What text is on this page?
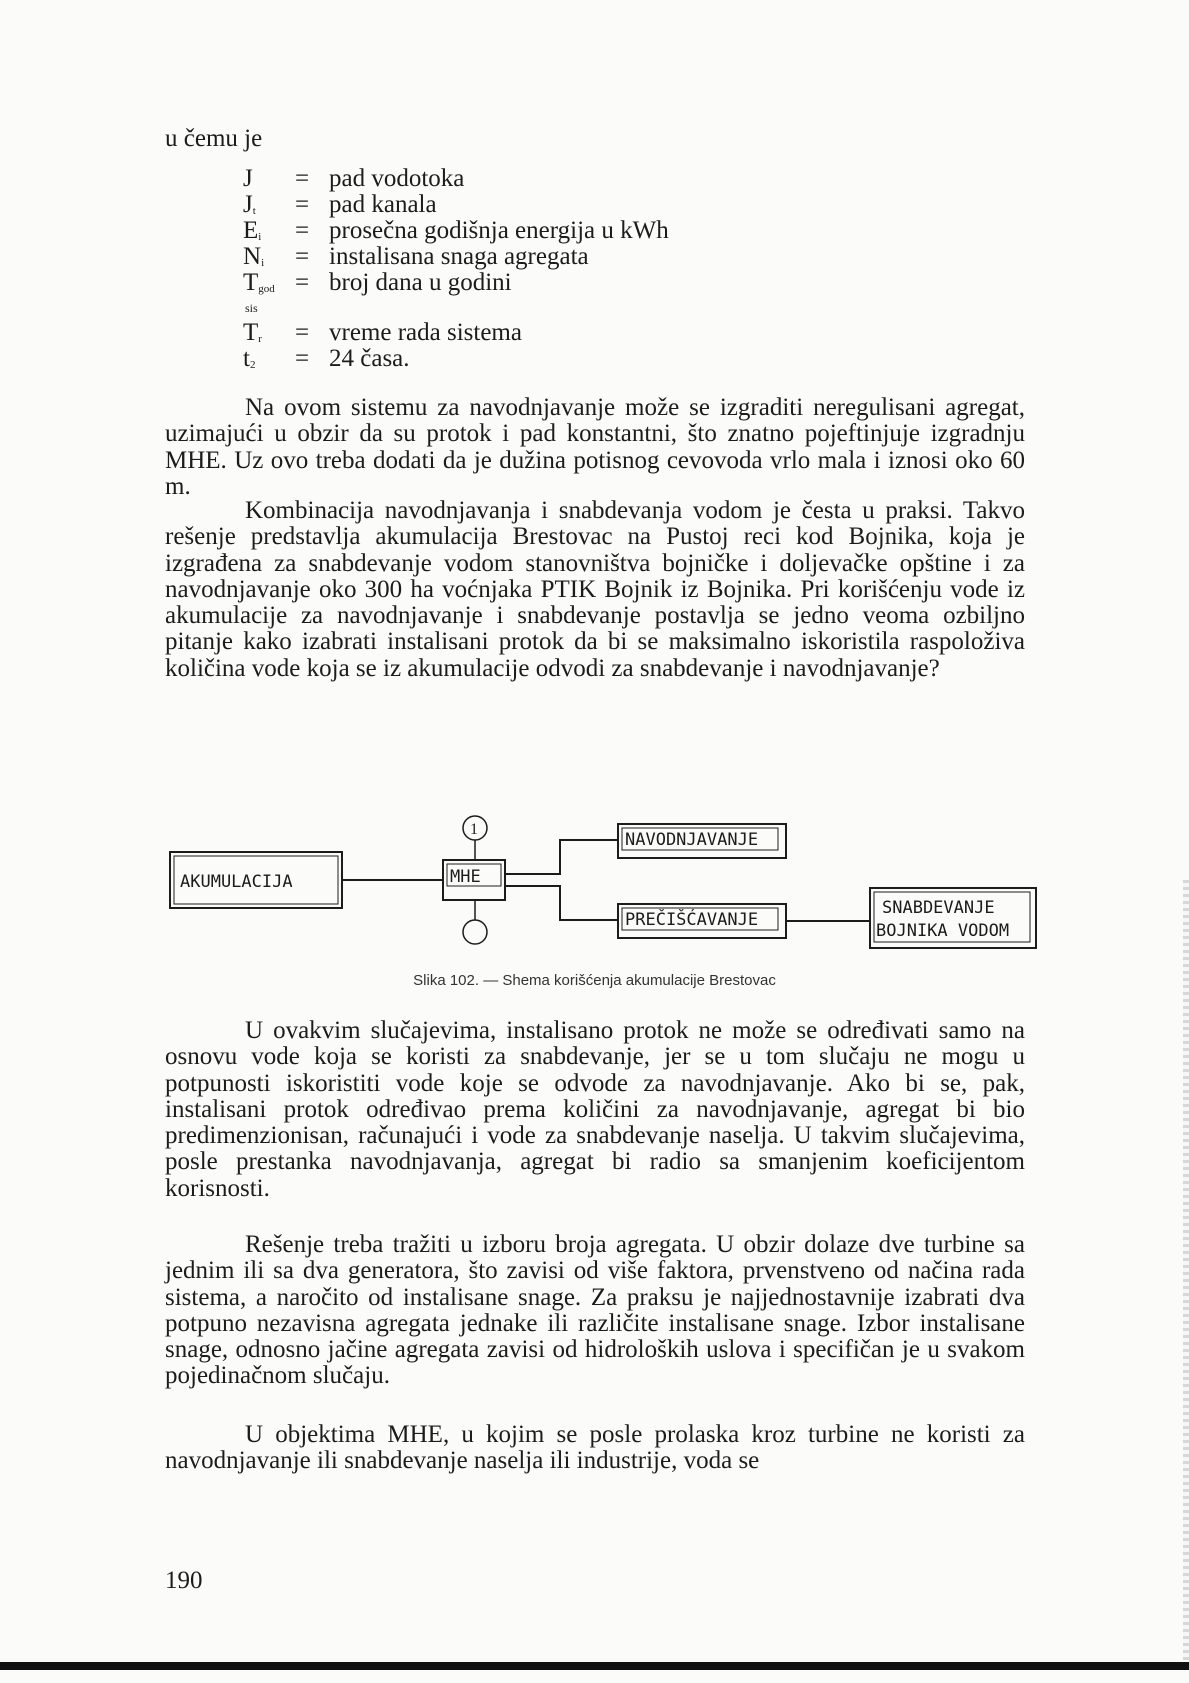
u čemu je
J = pad vodotoka
$J_t$ = pad kanala
$E_i$ = prosečna godišnja energija u kWh
$N_i$ = instalisana snaga agregata
$T_{god}$ = broj dana u godini
sis
$T_r$ = vreme rada sistema
$t_2 = 24$ časa.

Na ovom sistemu za navodnjavanje može se izgraditi neregulisani agregat, uzimajući u obzir da su protok i pad konstantni, što znatno pojeftinjuje izgradnju MHE. Uz ovo treba dodati da je dužina potisnog cevovoda vrlo mala i iznosi oko 60 m.

Kombinacija navodnjavanja i snabdevanja vodom je česta u praksi. Takvo rešenje predstavlja akumulacija Brestovac na Pustoj reci kod Bojnika, koja je izgrađena za snabdevanje vodom stanovništva bojničke i doljevačke opštine i za navodnjavanje oko 300 ha voćnjaka PTIK Bojnik iz Bojnika. Pri korišćenju vode iz akumulacije za navodnjavanje i snabdevanje postavlja se jedno veoma ozbiljno pitanje kako izabrati instalisani protok da bi se maksimalno iskoristila raspoloživa količina vode koja se iz akumulacije odvodi za snabdevanje i navodnjavanje?

AKUMULACIJA	MHE
1
NAVODNJAVANJE
PREČIŠĆAVANJE
SNABDEVANJE
BOJNIKA VODOM
Slika 102. — Shema korišćenja akumulacije Brestovac

U ovakvim slučajevima, instalisano protok ne može se određivati samo na osnovu vode koja se koristi za snabdevanje, jer se u tom slučaju ne mogu u potpunosti iskoristiti vode koje se odvode za navodnjavanje. Ako bi se, pak, instalisani protok određivao prema količini za navodnjavanje, agregat bi bio predimenzionisan, računajući i vode za snabdevanje naselja. U takvim slučajevima, posle prestanka navodnjavanja, agregat bi radio sa smanjenim koeficijentom korisnosti.

Rešenje treba tražiti u izboru broja agregata. U obzir dolaze dve turbine sa jednim ili sa dva generatora, što zavisi od više faktora, prvenstveno od načina rada sistema, a naročito od instalisane snage. Za praksu je najjednostavnije izabrati dva potpuno nezavisna agregata jednake ili različite instalisane snage. Izbor instalisane snage, odnosno jačine agregata zavisi od hidroloških uslova i specifičan je u svakom pojedinačnom slučaju.

U objektima MHE, u kojim se posle prolaska kroz turbine ne koristi za navodnjavanje ili snabdevanje naselja ili industrije, voda se

190
